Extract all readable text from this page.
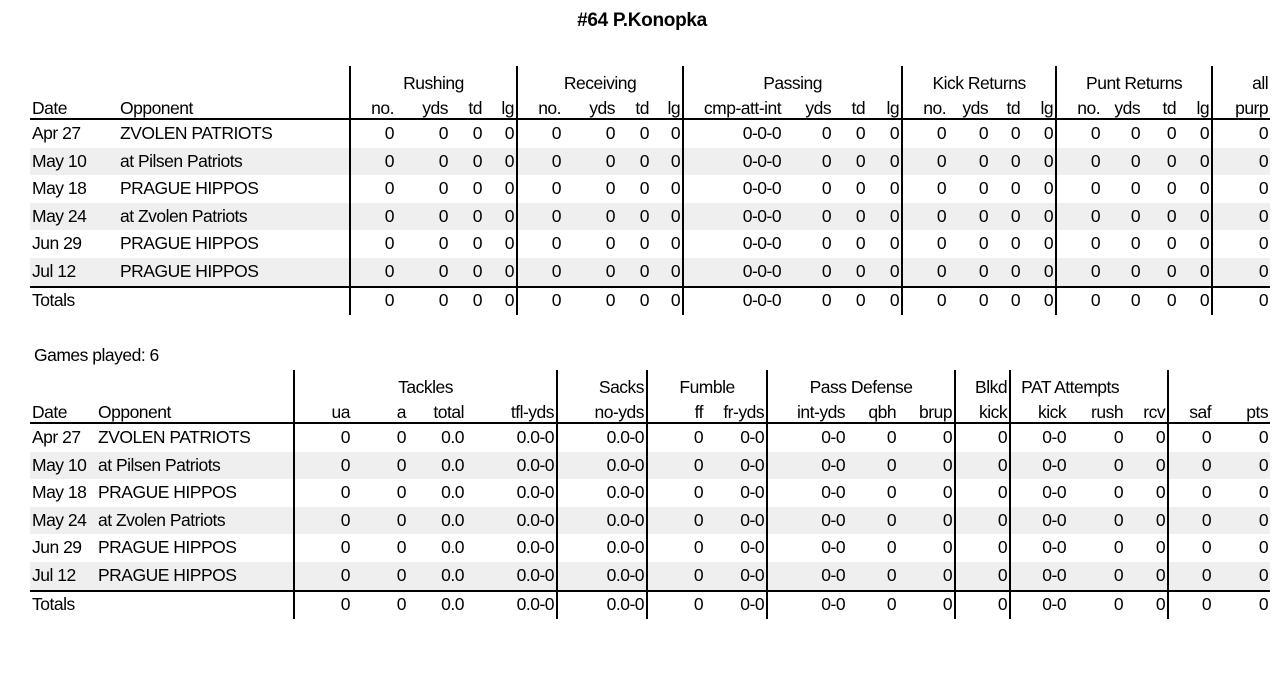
#64 P.Konopka
		Rushing				Receiving				Passing				Kick Returns				Punt Returns				all
Date	Opponent	no.	yds	td	lg	no.	yds	td	lg	cmp-att-int	yds	td	lg	no.	yds	td	lg	no.	yds	td	lg	purp
Apr 27	ZVOLEN PATRIOTS	0	0	0	0	0	0	0	0	0-0-0	0	0	0	0	0	0	0	0	0	0	0	0
May 10	at Pilsen Patriots	0	0	0	0	0	0	0	0	0-0-0	0	0	0	0	0	0	0	0	0	0	0	0
May 18	PRAGUE HIPPOS	0	0	0	0	0	0	0	0	0-0-0	0	0	0	0	0	0	0	0	0	0	0	0
May 24	at Zvolen Patriots	0	0	0	0	0	0	0	0	0-0-0	0	0	0	0	0	0	0	0	0	0	0	0
Jun 29	PRAGUE HIPPOS	0	0	0	0	0	0	0	0	0-0-0	0	0	0	0	0	0	0	0	0	0	0	0
Jul 12	PRAGUE HIPPOS	0	0	0	0	0	0	0	0	0-0-0	0	0	0	0	0	0	0	0	0	0	0	0
Totals		0	0	0	0	0	0	0	0	0-0-0	0	0	0	0	0	0	0	0	0	0	0	0
Games played: 6
		Tackles				Sacks	Fumble		Pass Defense			Blkd	PAT Attempts				
Date	Opponent	ua	a	total	tfl-yds	no-yds	ff	fr-yds	int-yds	qbh	brup	kick	kick	rush	rcv	saf	pts
Apr 27	ZVOLEN PATRIOTS	0	0	0.0	0.0-0	0.0-0	0	0-0	0-0	0	0	0	0-0	0	0	0	0
May 10	at Pilsen Patriots	0	0	0.0	0.0-0	0.0-0	0	0-0	0-0	0	0	0	0-0	0	0	0	0
May 18	PRAGUE HIPPOS	0	0	0.0	0.0-0	0.0-0	0	0-0	0-0	0	0	0	0-0	0	0	0	0
May 24	at Zvolen Patriots	0	0	0.0	0.0-0	0.0-0	0	0-0	0-0	0	0	0	0-0	0	0	0	0
Jun 29	PRAGUE HIPPOS	0	0	0.0	0.0-0	0.0-0	0	0-0	0-0	0	0	0	0-0	0	0	0	0
Jul 12	PRAGUE HIPPOS	0	0	0.0	0.0-0	0.0-0	0	0-0	0-0	0	0	0	0-0	0	0	0	0
Totals		0	0	0.0	0.0-0	0.0-0	0	0-0	0-0	0	0	0	0-0	0	0	0	0
